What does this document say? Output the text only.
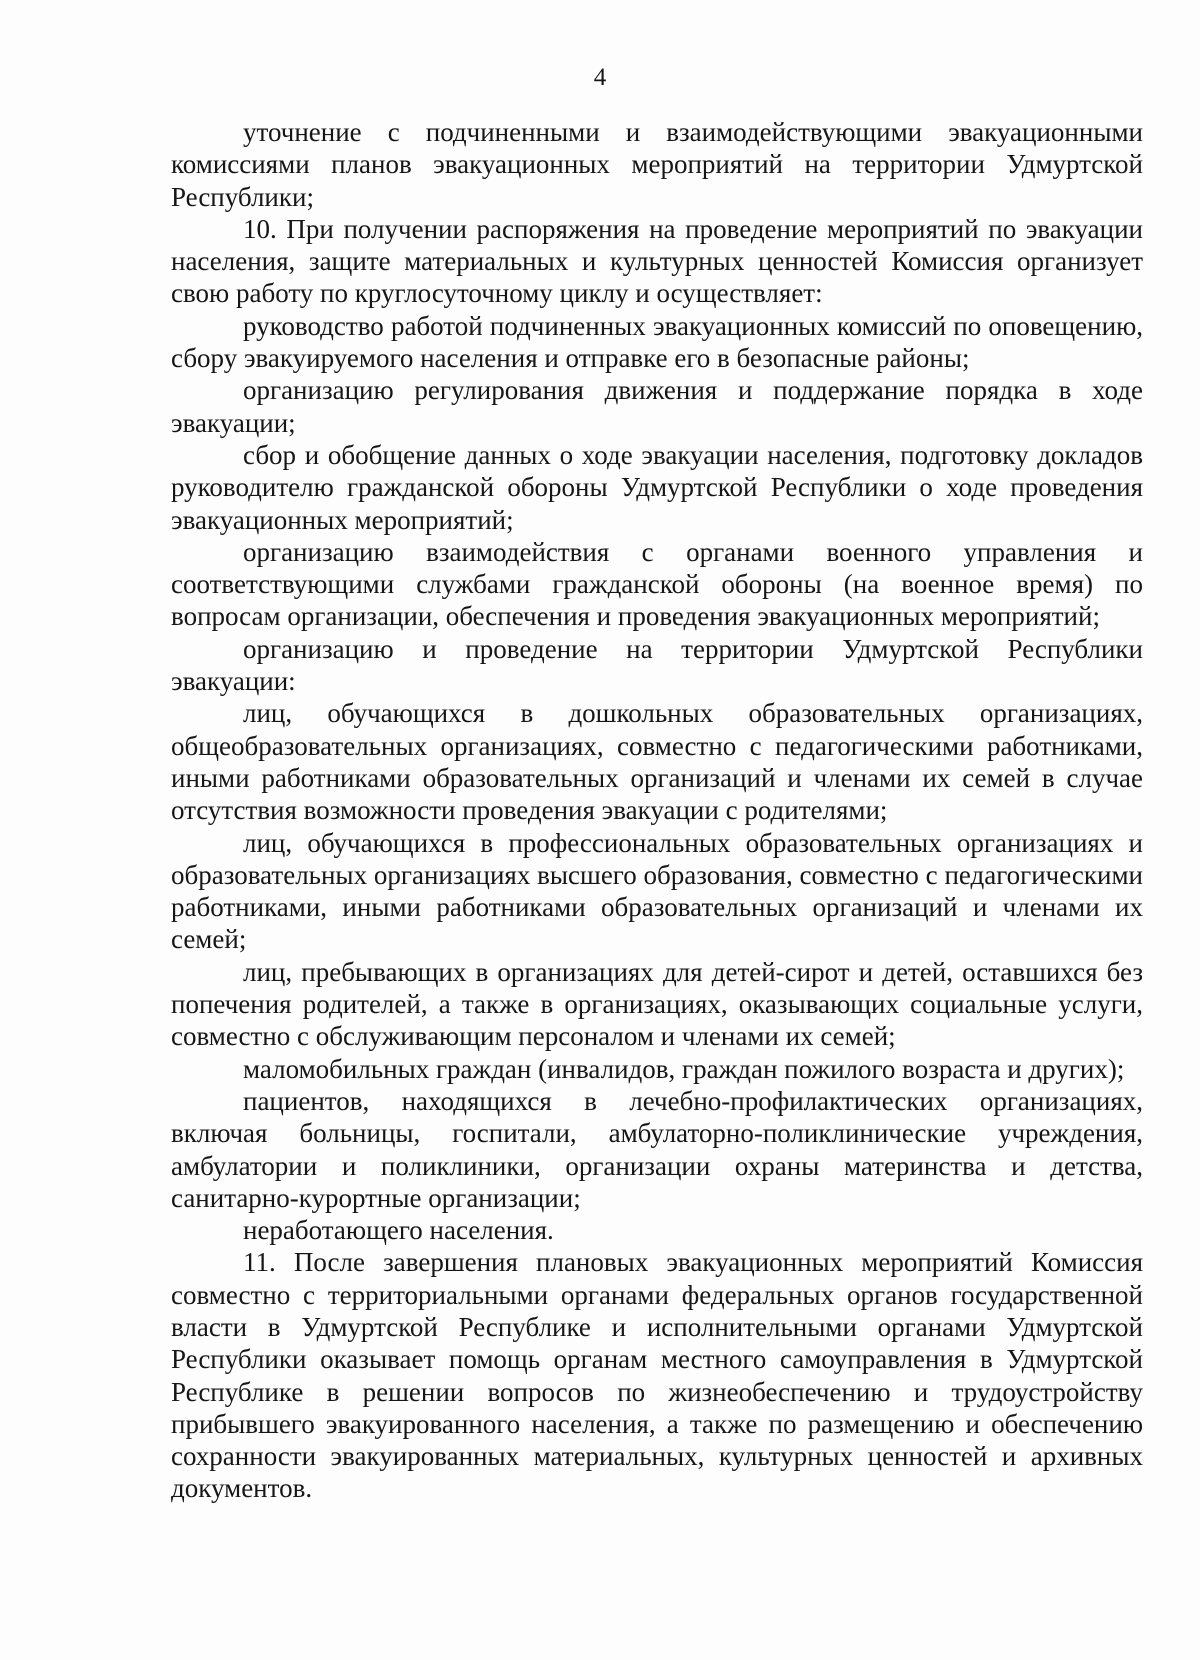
4

уточнение с подчиненными и взаимодействующими эвакуационными комиссиями планов эвакуационных мероприятий на территории Удмуртской Республики;

10. При получении распоряжения на проведение мероприятий по эвакуации населения, защите материальных и культурных ценностей Комиссия организует свою работу по круглосуточному циклу и осуществляет:

руководство работой подчиненных эвакуационных комиссий по оповещению, сбору эвакуируемого населения и отправке его в безопасные районы;

организацию регулирования движения и поддержание порядка в ходе эвакуации;

сбор и обобщение данных о ходе эвакуации населения, подготовку докладов руководителю гражданской обороны Удмуртской Республики о ходе проведения эвакуационных мероприятий;

организацию взаимодействия с органами военного управления и соответствующими службами гражданской обороны (на военное время) по вопросам организации, обеспечения и проведения эвакуационных мероприятий;

организацию и проведение на территории Удмуртской Республики эвакуации:

лиц, обучающихся в дошкольных образовательных организациях, общеобразовательных организациях, совместно с педагогическими работниками, иными работниками образовательных организаций и членами их семей в случае отсутствия возможности проведения эвакуации с родителями;

лиц, обучающихся в профессиональных образовательных организациях и образовательных организациях высшего образования, совместно с педагогическими работниками, иными работниками образовательных организаций и членами их семей;

лиц, пребывающих в организациях для детей-сирот и детей, оставшихся без попечения родителей, а также в организациях, оказывающих социальные услуги, совместно с обслуживающим персоналом и членами их семей;

маломобильных граждан (инвалидов, граждан пожилого возраста и других);

пациентов, находящихся в лечебно-профилактических организациях, включая больницы, госпитали, амбулаторно-поликлинические учреждения, амбулатории и поликлиники, организации охраны материнства и детства, санитарно-курортные организации;

неработающего населения.

11. После завершения плановых эвакуационных мероприятий Комиссия совместно с территориальными органами федеральных органов государственной власти в Удмуртской Республике и исполнительными органами Удмуртской Республики оказывает помощь органам местного самоуправления в Удмуртской Республике в решении вопросов по жизнеобеспечению и трудоустройству прибывшего эвакуированного населения, а также по размещению и обеспечению сохранности эвакуированных материальных, культурных ценностей и архивных документов.
